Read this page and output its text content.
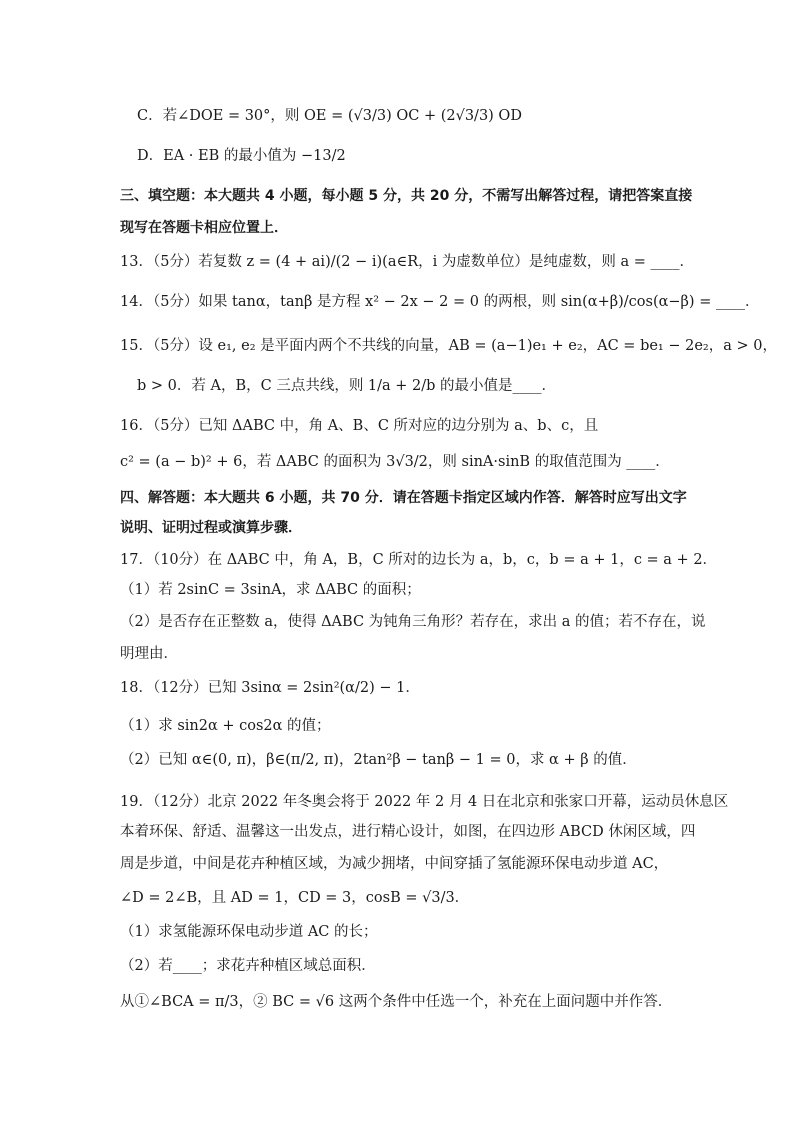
C．若∠DOE = 30°，则 OE = (√3/3) OC + (2√3/3) OD
D．EA · EB 的最小值为 −13/2
三、填空题：本大题共 4 小题，每小题 5 分，共 20 分，不需写出解答过程，请把答案直接
现写在答题卡相应位置上．
13．（5分）若复数 z = (4 + ai)/(2 − i)(a∈R，i 为虚数单位）是纯虚数，则 a = ____．
14．（5分）如果 tanα，tanβ 是方程 x² − 2x − 2 = 0 的两根，则 sin(α+β)/cos(α−β) = ____．
15．（5分）设 e₁, e₂ 是平面内两个不共线的向量，AB = (a−1)e₁ + e₂，AC = be₁ − 2e₂，a > 0，
b > 0．若 A，B，C 三点共线，则 1/a + 2/b 的最小值是____．
16．（5分）已知 ΔABC 中，角 A、B、C 所对应的边分别为 a、b、c，且
c² = (a − b)² + 6，若 ΔABC 的面积为 3√3/2，则 sinA·sinB 的取值范围为 ____．
四、解答题：本大题共 6 小题，共 70 分．请在答题卡指定区域内作答．解答时应写出文字
说明、证明过程或演算步骤．
17．（10分）在 ΔABC 中，角 A，B，C 所对的边长为 a，b，c，b = a + 1，c = a + 2．
（1）若 2sinC = 3sinA，求 ΔABC 的面积；
（2）是否存在正整数 a，使得 ΔABC 为钝角三角形？若存在，求出 a 的值；若不存在，说
明理由．
18．（12分）已知 3sinα = 2sin²(α/2) − 1．
（1）求 sin2α + cos2α 的值；
（2）已知 α∈(0, π)，β∈(π/2, π)，2tan²β − tanβ − 1 = 0，求 α + β 的值．
19．（12分）北京 2022 年冬奥会将于 2022 年 2 月 4 日在北京和张家口开幕，运动员休息区
本着环保、舒适、温馨这一出发点，进行精心设计，如图，在四边形 ABCD 休闲区域，四
周是步道，中间是花卉种植区域，为减少拥堵，中间穿插了氢能源环保电动步道 AC，
∠D = 2∠B，且 AD = 1，CD = 3，cosB = √3/3．
（1）求氢能源环保电动步道 AC 的长；
（2）若____；求花卉种植区域总面积．
从①∠BCA = π/3，② BC = √6 这两个条件中任选一个，补充在上面问题中并作答．
